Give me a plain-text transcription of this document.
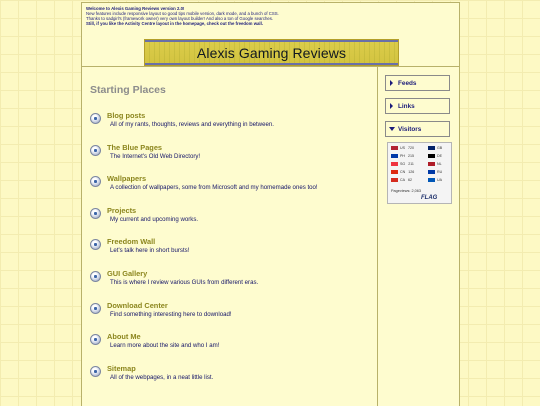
Welcome to Alexis Gaming Reviews version 2.0!
New features include responsive layout so good tips mobile version, dark mode, and a bunch of CSS.
Thanks to sadgirl's (framework owner) very own layout builder! And also a ton of Google searches.
Still, if you like the Activity Centre layout in the homepage, check out the freedom wall.
Alexis Gaming Reviews
Starting Places
Blog posts
All of my rants, thoughts, reviews and everything in between.
The Blue Pages
The Internet's Old Web Directory!
Wallpapers
A collection of wallpapers, some from Microsoft and my homemade ones too!
Projects
My current and upcoming works.
Freedom Wall
Let's talk here in short bursts!
GUI Gallery
This is where I review various GUIs from different eras.
Download Center
Find something interesting here to download!
About Me
Learn more about the site and who I am!
Sitemap
All of the webpages, in a neat little list.
Feeds
Links
Visitors
US 720
PH 215
SG 211
CN 126
CA 62
GB
DE
NL
RU
UA
Pageviews: 2,063
FLAG
